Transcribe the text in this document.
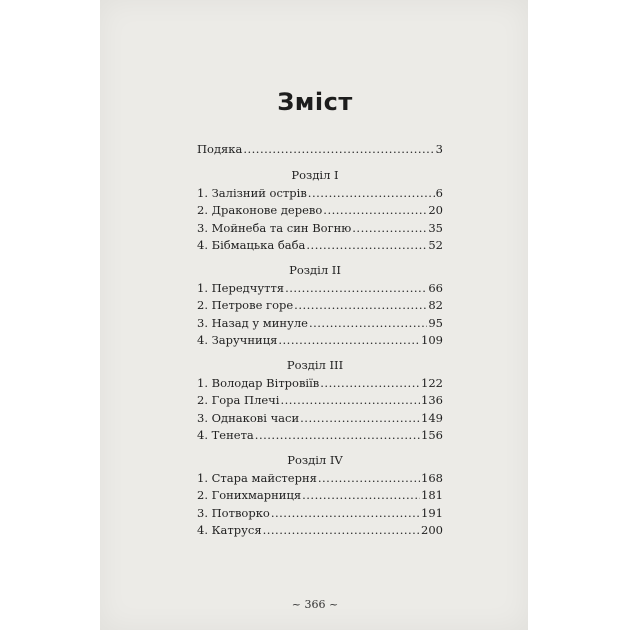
Зміст
Подяка .....	3
Розділ I
1. Залізний острів .....	6
2. Драконове дерево .....	20
3. Мойнеба та син Вогню .....	35
4. Бібмацька баба .....	52
Розділ II
1. Передчуття .....	66
2. Петрове горе .....	82
3. Назад у минуле .....	95
4. Заручниця .....	109
Розділ III
1. Володар Вітровіїв .....	122
2. Гора Плечі .....	136
3. Однакові часи .....	149
4. Тенета .....	156
Розділ IV
1. Стара майстерня .....	168
2. Гонихмарниця .....	181
3. Потворко .....	191
4. Катруся .....	200
~ 366 ~
